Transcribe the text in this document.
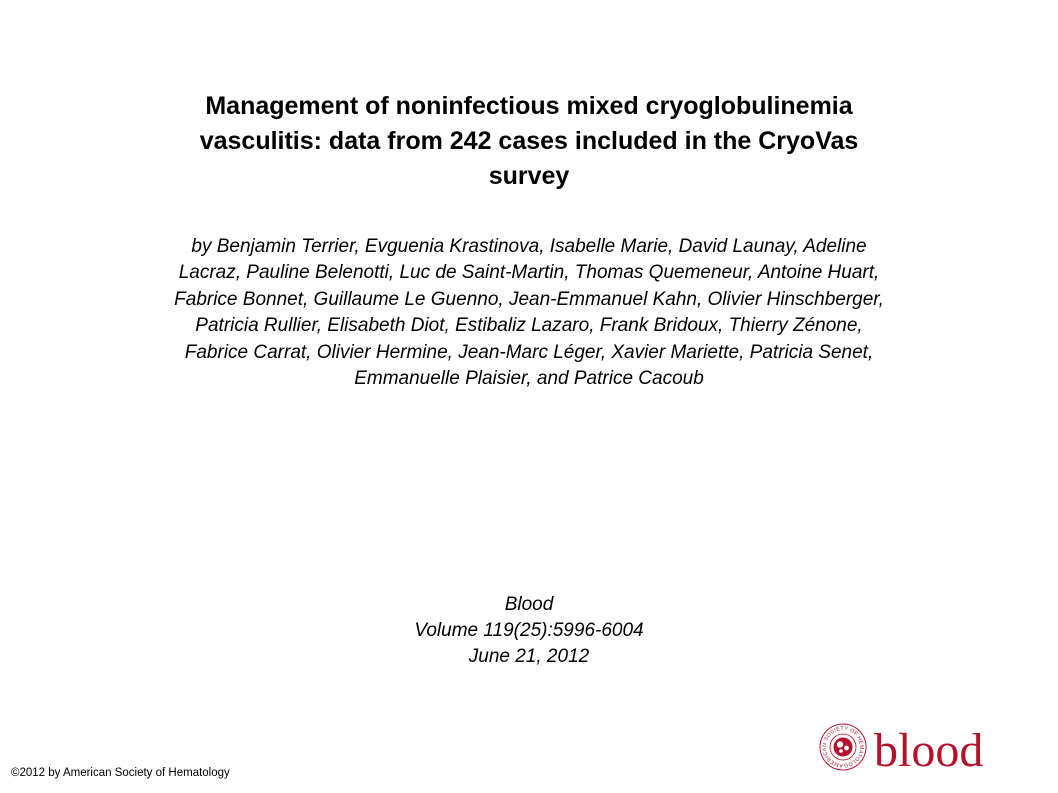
Management of noninfectious mixed cryoglobulinemia
vasculitis: data from 242 cases included in the CryoVas
survey

by Benjamin Terrier, Evguenia Krastinova, Isabelle Marie, David Launay, Adeline
Lacraz, Pauline Belenotti, Luc de Saint-Martin, Thomas Quemeneur, Antoine Huart,
Fabrice Bonnet, Guillaume Le Guenno, Jean-Emmanuel Kahn, Olivier Hinschberger,
Patricia Rullier, Elisabeth Diot, Estibaliz Lazaro, Frank Bridoux, Thierry Zénone,
Fabrice Carrat, Olivier Hermine, Jean-Marc Léger, Xavier Mariette, Patricia Senet,
Emmanuelle Plaisier, and Patrice Cacoub

Blood
Volume 119(25):5996-6004
June 21, 2012
©2012 by American Society of Hematology
AMERICAN SOCIETY OF HEMATOLOG blood
